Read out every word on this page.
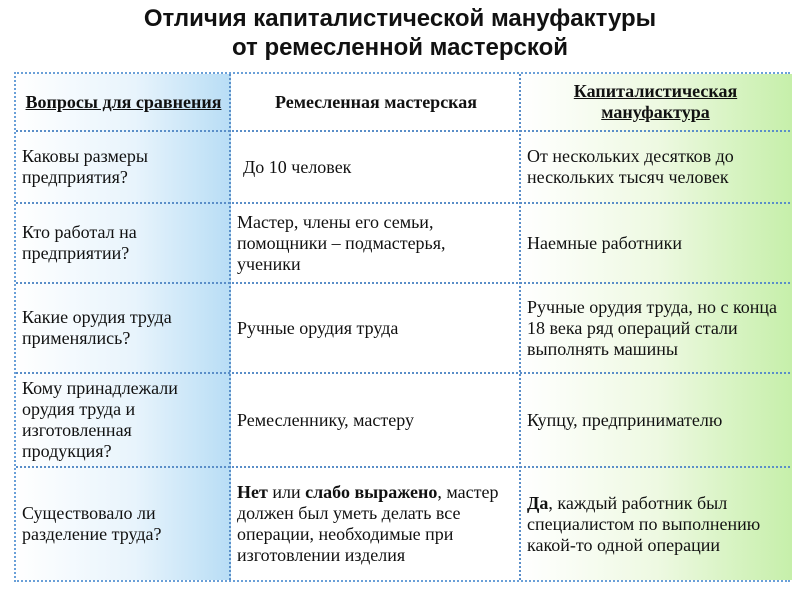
Отличия капиталистической мануфактуры
от ремесленной мастерской
Вопросы для сравнения	Ремесленная мастерская
Капиталистическая мануфактура
Каковы размеры предприятия?
До 10 человек
От нескольких десятков до нескольких тысяч человек
Кто работал на предприятии?
Мастер, члены его семьи, помощники – подмастерья, ученики
Наемные работники
Какие орудия труда применялись?
Ручные орудия труда
Ручные орудия труда, но с конца 18 века ряд операций стали выполнять машины
Кому принадлежали орудия труда и изготовленная продукция?
Ремесленнику, мастеру	Купцу, предпринимателю
Существовало ли разделение труда?
Нет или слабо выражено, мастер должен был уметь делать все операции, необходимые при изготовлении изделия
Да, каждый работник был специалистом по выполнению какой-то одной операции
